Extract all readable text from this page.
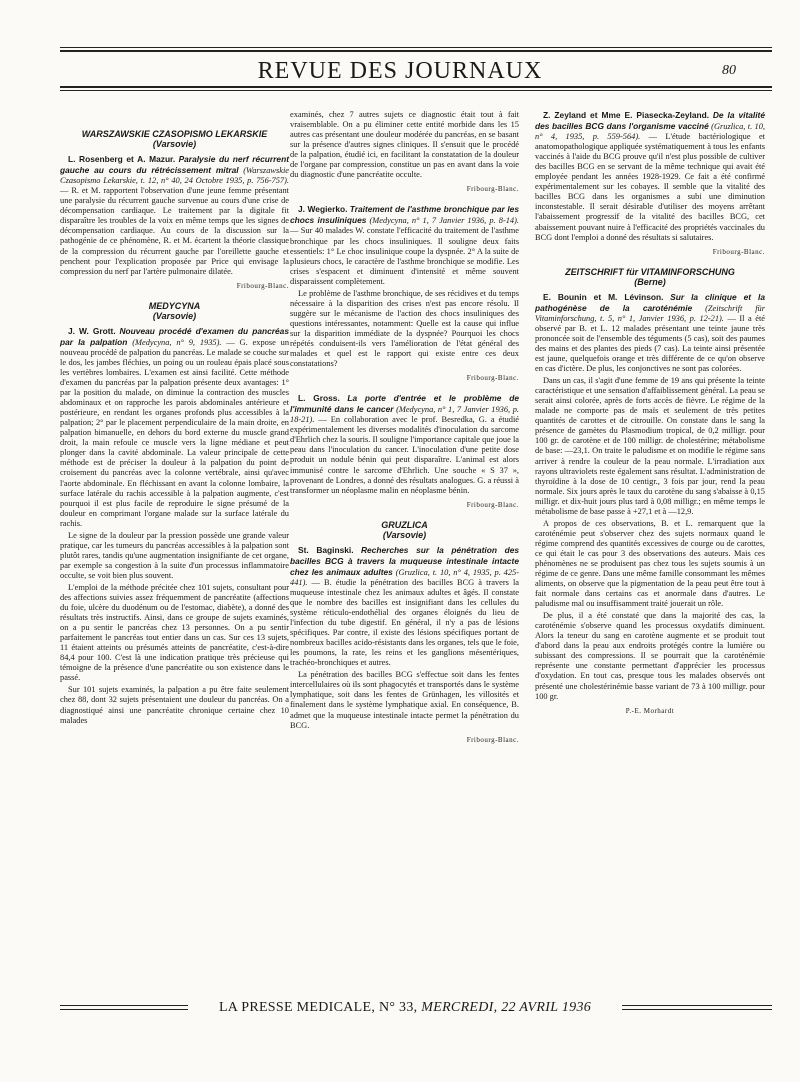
REVUE DES JOURNAUX	80
WARSZAWSKIE CZASOPISMO LEKARSKIE
(Varsovie)

L. Rosenberg et A. Mazur. Paralysie du nerf récurrent gauche au cours du rétrécissement mitral (Warszawskie Czasopismo Lekarskie, t. 12, n° 40, 24 Octobre 1935, p. 756-757). — R. et M. rapportent l'observation d'une jeune femme présentant une paralysie du récurrent gauche survenue au cours d'une crise de décompensation cardiaque. Le traitement par la digitale fit disparaître les troubles de la voix en même temps que les signes de décompensation cardiaque. Au cours de la discussion sur la pathogénie de ce phénomène, R. et M. écartent la théorie classique de la compression du récurrent gauche par l'oreillette gauche et penchent pour l'explication proposée par Price qui envisage la compression du nerf par l'artère pulmonaire dilatée.

Fribourg-Blanc.
MEDYCYNA
(Varsovie)

J. W. Grott. Nouveau procédé d'examen du pancréas par la palpation (Medycyna, n° 9, 1935). — G. expose un nouveau procédé de palpation du pancréas. Le malade se couche sur le dos, les jambes fléchies, un poing ou un rouleau épais placé sous les vertèbres lombaires. L'examen est ainsi facilité. Cette méthode d'examen du pancréas par la palpation présente deux avantages: 1° par la position du malade, on diminue la contraction des muscles abdominaux et on rapproche les parois abdominales antérieure et postérieure, en rendant les organes profonds plus accessibles à la palpation; 2° par le placement perpendiculaire de la main droite, en palpation bimanuelle, en dehors du bord externe du muscle grand droit, la main refoule ce muscle vers la ligne médiane et peut plonger dans la cavité abdominale. La valeur principale de cette méthode est de préciser la douleur à la palpation du point de croisement du pancréas avec la colonne vertébrale, ainsi qu'avec l'aorte abdominale. En fléchissant en avant la colonne lombaire, la surface latérale du rachis accessible à la palpation augmente, c'est pourquoi il est plus facile de reproduire le signe présumé de la douleur en comprimant l'organe malade sur la surface latérale du rachis.

Le signe de la douleur par la pression possède une grande valeur pratique, car les tumeurs du pancréas accessibles à la palpation sont plutôt rares, tandis qu'une augmentation insignifiante de cet organe, par exemple sa congestion à la suite d'un processus inflammatoire occulte, se voit bien plus souvent.

L'emploi de la méthode précitée chez 101 sujets, consultant pour des affections suivies assez fréquemment de pancréatite (affections du foie, ulcère du duodénum ou de l'estomac, diabète), a donné des résultats très instructifs. Ainsi, dans ce groupe de sujets examinés, on a pu sentir le pancréas chez 13 personnes. On a pu sentir parfaitement le pancréas tout entier dans un cas. Sur ces 13 sujets, 11 étaient atteints ou présumés atteints de pancréatite, c'est-à-dire 84,4 pour 100. C'est là une indication pratique très précieuse qui témoigne de la présence d'une pancréatite ou son existence dans le passé.

Sur 101 sujets examinés, la palpation a pu être faite seulement chez 88, dont 32 sujets présentaient une douleur du pancréas. On a diagnostiqué ainsi une pancréatite chronique certaine chez 10 malades

examinés, chez 7 autres sujets ce diagnostic était tout à fait vraisemblable. On a pu éliminer cette entité morbide dans les 15 autres cas présentant une douleur modérée du pancréas, en se basant sur la présence d'autres signes cliniques. Il s'ensuit que le procédé de la palpation, étudié ici, en facilitant la constatation de la douleur de l'organe par compression, constitue un pas en avant dans la voie du diagnostic d'une pancréatite occulte.

Fribourg-Blanc.

J. Wegierko. Traitement de l'asthme bronchique par les chocs insuliniques (Medycyna, n° 1, 7 Janvier 1936, p. 8-14). — Sur 40 malades W. constate l'efficacité du traitement de l'asthme bronchique par les chocs insuliniques. Il souligne deux faits essentiels: 1° Le choc insulinique coupe la dyspnée. 2° A la suite de plusieurs chocs, le caractère de l'asthme bronchique se modifie. Les crises s'espacent et diminuent d'intensité et même souvent disparaissent complètement.

Le problème de l'asthme bronchique, de ses récidives et du temps nécessaire à la disparition des crises n'est pas encore résolu. Il suggère sur le mécanisme de l'action des chocs insuliniques des questions intéressantes, notamment: Quelle est la cause qui influe sur la disparition immédiate de la dyspnée? Pourquoi les chocs répétés conduisent-ils vers l'amélioration de l'état général des malades et quel est le rapport qui existe entre ces deux constatations?

Fribourg-Blanc.

L. Gross. La porte d'entrée et le problème de l'immunité dans le cancer (Medycyna, n° 1, 7 Janvier 1936, p. 18-21). — En collaboration avec le prof. Besredka, G. a étudié expérimentalement les diverses modalités d'inoculation du sarcome d'Ehrlich chez la souris. Il souligne l'importance capitale que joue la peau dans l'inoculation du cancer. L'inoculation d'une petite dose produit un nodule bénin qui peut disparaître. L'animal est alors immunisé contre le sarcome d'Ehrlich. Une souche « S 37 », provenant de Londres, a donné des résultats analogues. G. a réussi à transformer un néoplasme malin en néoplasme bénin.

Fribourg-Blanc.
GRUZLICA
(Varsovie)

St. Baginski. Recherches sur la pénétration des bacilles BCG à travers la muqueuse intestinale intacte chez les animaux adultes (Gruzlica, t. 10, n° 4, 1935, p. 425-441). — B. étudie la pénétration des bacilles BCG à travers la muqueuse intestinale chez les animaux adultes et âgés. Il constate que le nombre des bacilles est insignifiant dans les cellules du système réticulo-endothélial des organes éloignés du lieu de l'infection du tube digestif. En général, il n'y a pas de lésions spécifiques. Par contre, il existe des lésions spécifiques portant de nombreux bacilles acido-résistants dans les organes, tels que le foie, les poumons, la rate, les reins et les ganglions mésentériques, trachéo-bronchiques et autres.

La pénétration des bacilles BCG s'effectue soit dans les fentes intercellulaires où ils sont phagocytés et transportés dans le système lymphatique, soit dans les fentes de Grünhagen, les villosités et finalement dans le système lymphatique axial. En conséquence, B. admet que la muqueuse intestinale intacte permet la pénétration du BCG.

Fribourg-Blanc.

Z. Zeyland et Mme E. Piasecka-Zeyland. De la vitalité des bacilles BCG dans l'organisme vacciné (Gruzlica, t. 10, n° 4, 1935, p. 559-564). — L'étude bactériologique et anatomopathologique appliquée systématiquement à tous les enfants vaccinés à l'aide du BCG prouve qu'il n'est plus possible de cultiver des bacilles BCG en se servant de la même technique qui avait été employée pendant les années 1928-1929. Ce fait a été confirmé expérimentalement sur les cobayes. Il semble que la vitalité des bacilles BCG dans les organismes a subi une diminution inconstestable. Il serait désirable d'utiliser des moyens arrêtant l'abaissement progressif de la vitalité des bacilles BCG, cet abaissement pouvant nuire à l'efficacité des propriétés vaccinales du BCG dont l'emploi a donné des résultats si salutaires.

Fribourg-Blanc.
ZEITSCHRIFT für VITAMINFORSCHUNG
(Berne)

E. Bounin et M. Lévinson. Sur la clinique et la pathogénèse de la caroténémie (Zeitschrift für Vitaminforschung, t. 5, n° 1, Janvier 1936, p. 12-21). — Il a été observé par B. et L. 12 malades présentant une teinte jaune très prononcée soit de l'ensemble des téguments (5 cas), soit des paumes des mains et des plantes des pieds (7 cas). La teinte ainsi présentée est jaune, quelquefois orange et très différente de ce qu'on observe en cas d'ictère. De plus, les conjonctives ne sont pas colorées.

Dans un cas, il s'agit d'une femme de 19 ans qui présente la teinte caractéristique et une sensation d'affaiblissement général. La peau se serait ainsi colorée, après de forts accès de fièvre. Le régime de la malade ne comporte pas de maïs et seulement de très petites quantités de carottes et de citrouille. On constate dans le sang la présence de gamètes du Plasmodium tropical, de 0,2 milligr. pour 100 gr. de carotène et de 100 milligr. de cholestérine; métabolisme de base: —23,1. On traite le paludisme et on modifie le régime sans arriver à rendre la couleur de la peau normale. L'irradiation aux rayons ultraviolets reste également sans résultat. L'administration de thyroïdine à la dose de 10 centigr., 3 fois par jour, rend la peau normale. Six jours après le taux du carotène du sang s'abaisse à 0,15 milligr. et dix-huit jours plus tard à 0,08 milligr.; en même temps le métabolisme de base passe à +27,1 et à —12,9.

A propos de ces observations, B. et L. remarquent que la caroténémie peut s'observer chez des sujets normaux quand le régime comprend des quantités excessives de courge ou de carottes, ce qui était le cas pour 3 des observations des auteurs. Mais ces phénomènes ne se produisent pas chez tous les sujets soumis à un régime de ce genre. Dans une même famille consommant les mêmes aliments, on observe que la pigmentation de la peau peut être tout à fait normale dans certains cas et anormale dans d'autres. Le paludisme mal ou insuffisamment traité jouerait un rôle.

De plus, il a été constaté que dans la majorité des cas, la caroténémie s'observe quand les processus oxydatifs diminuent. Alors la teneur du sang en carotène augmente et se produit tout d'abord dans la peau aux endroits protégés contre la lumière ou subissant des compressions. Il se pourrait que la caroténémie représente une constante permettant d'apprécier les processus d'oxydation. En tout cas, presque tous les malades observés ont présenté une cholestérinémie basse variant de 73 à 100 milligr. pour 100 gr.

P.-E. Morhardt
LA PRESSE MEDICALE, N° 33, MERCREDI, 22 AVRIL 1936
